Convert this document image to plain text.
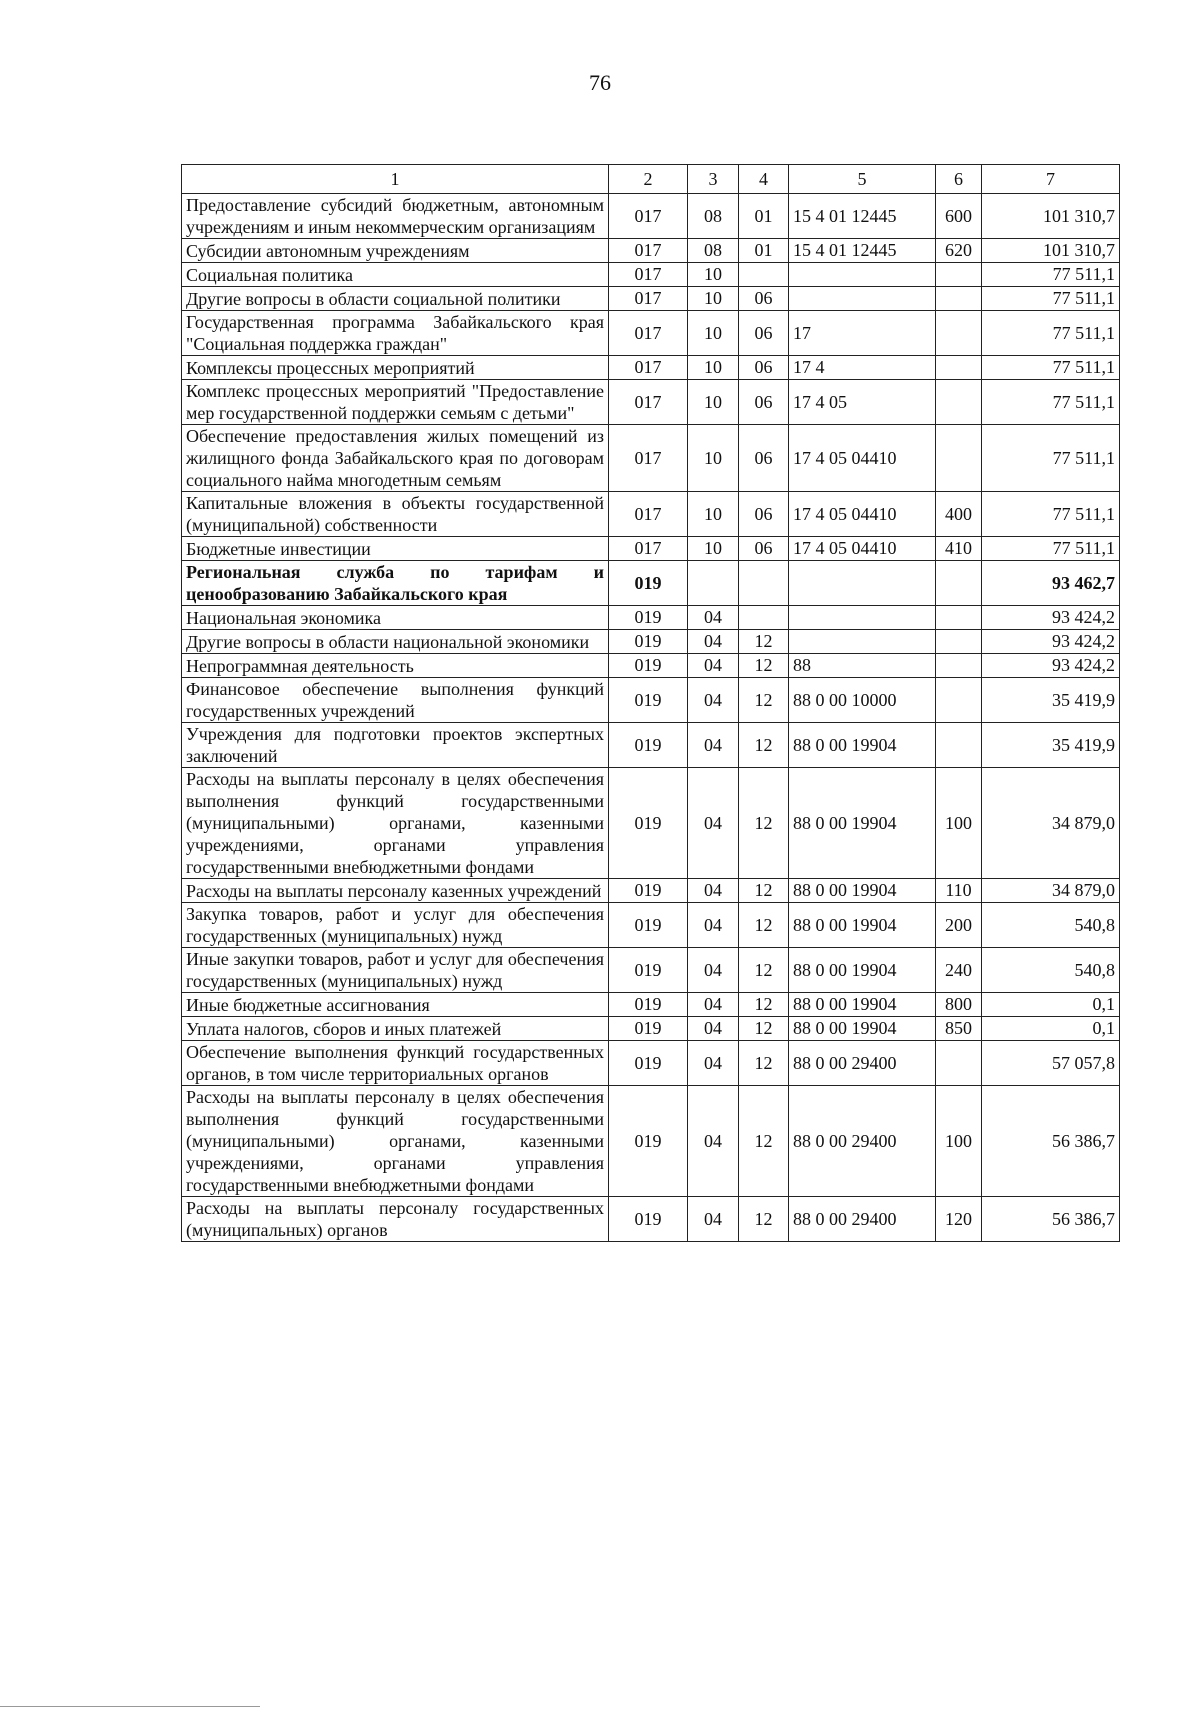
76
1	2	3	4	5	6	7
Предоставление субсидий бюджетным, автономным учреждениям и иным некоммерческим организациям	017	08	01	15 4 01 12445	600	101 310,7
Субсидии автономным учреждениям	017	08	01	15 4 01 12445	620	101 310,7
Социальная политика	017	10				77 511,1
Другие вопросы в области социальной политики	017	10	06			77 511,1
Государственная программа Забайкальского края "Социальная поддержка граждан"	017	10	06	17		77 511,1
Комплексы процессных мероприятий	017	10	06	17 4		77 511,1
Комплекс процессных мероприятий "Предоставление мер государственной поддержки семьям с детьми"	017	10	06	17 4 05		77 511,1
Обеспечение предоставления жилых помещений из жилищного фонда Забайкальского края по договорам социального найма многодетным семьям	017	10	06	17 4 05 04410		77 511,1
Капитальные вложения в объекты государственной (муниципальной) собственности	017	10	06	17 4 05 04410	400	77 511,1
Бюджетные инвестиции	017	10	06	17 4 05 04410	410	77 511,1
Региональная служба по тарифам и ценообразованию Забайкальского края	019					93 462,7
Национальная экономика	019	04				93 424,2
Другие вопросы в области национальной экономики	019	04	12			93 424,2
Непрограммная деятельность	019	04	12	88		93 424,2
Финансовое обеспечение выполнения функций государственных учреждений	019	04	12	88 0 00 10000		35 419,9
Учреждения для подготовки проектов экспертных заключений	019	04	12	88 0 00 19904		35 419,9
Расходы на выплаты персоналу в целях обеспечения выполнения функций государственными (муниципальными) органами, казенными учреждениями, органами управления государственными внебюджетными фондами	019	04	12	88 0 00 19904	100	34 879,0
Расходы на выплаты персоналу казенных учреждений	019	04	12	88 0 00 19904	110	34 879,0
Закупка товаров, работ и услуг для обеспечения государственных (муниципальных) нужд	019	04	12	88 0 00 19904	200	540,8
Иные закупки товаров, работ и услуг для обеспечения государственных (муниципальных) нужд	019	04	12	88 0 00 19904	240	540,8
Иные бюджетные ассигнования	019	04	12	88 0 00 19904	800	0,1
Уплата налогов, сборов и иных платежей	019	04	12	88 0 00 19904	850	0,1
Обеспечение выполнения функций государственных органов, в том числе территориальных органов	019	04	12	88 0 00 29400		57 057,8
Расходы на выплаты персоналу в целях обеспечения выполнения функций государственными (муниципальными) органами, казенными учреждениями, органами управления государственными внебюджетными фондами	019	04	12	88 0 00 29400	100	56 386,7
Расходы на выплаты персоналу государственных (муниципальных) органов	019	04	12	88 0 00 29400	120	56 386,7
